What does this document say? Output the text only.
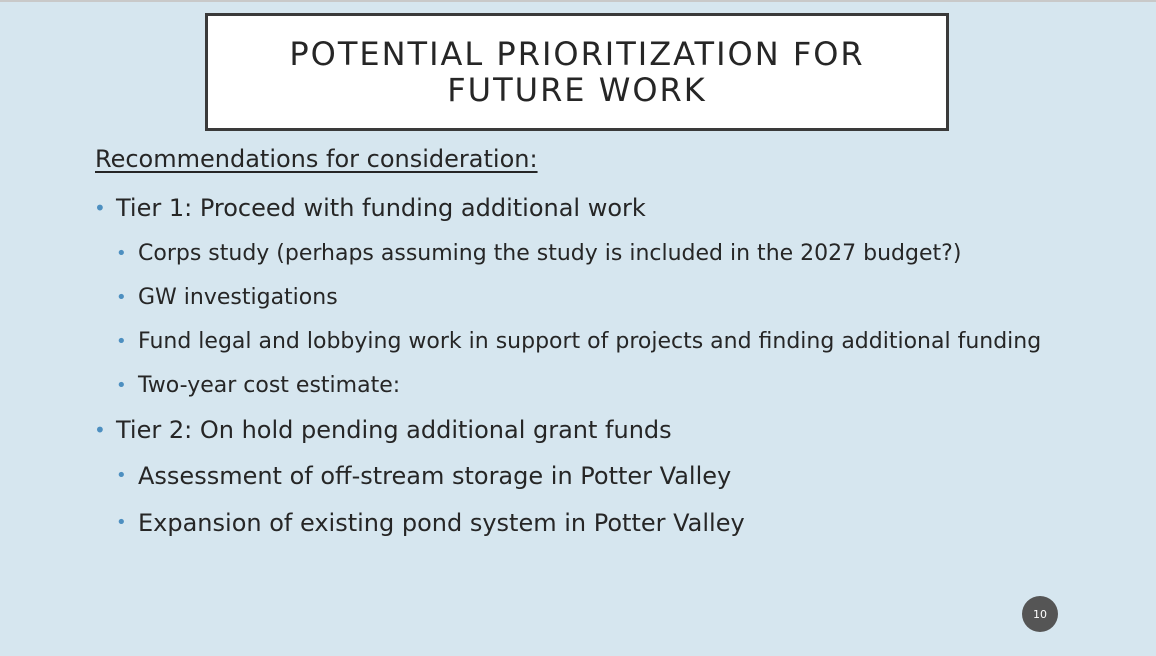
POTENTIAL PRIORITIZATION FOR
FUTURE WORK
Recommendations for consideration:
• Tier 1: Proceed with funding additional work
• Corps study (perhaps assuming the study is included in the 2027 budget?)
• GW investigations
• Fund legal and lobbying work in support of projects and finding additional funding
• Two-year cost estimate:
• Tier 2: On hold pending additional grant funds
• Assessment of off-stream storage in Potter Valley
• Expansion of existing pond system in Potter Valley
10
